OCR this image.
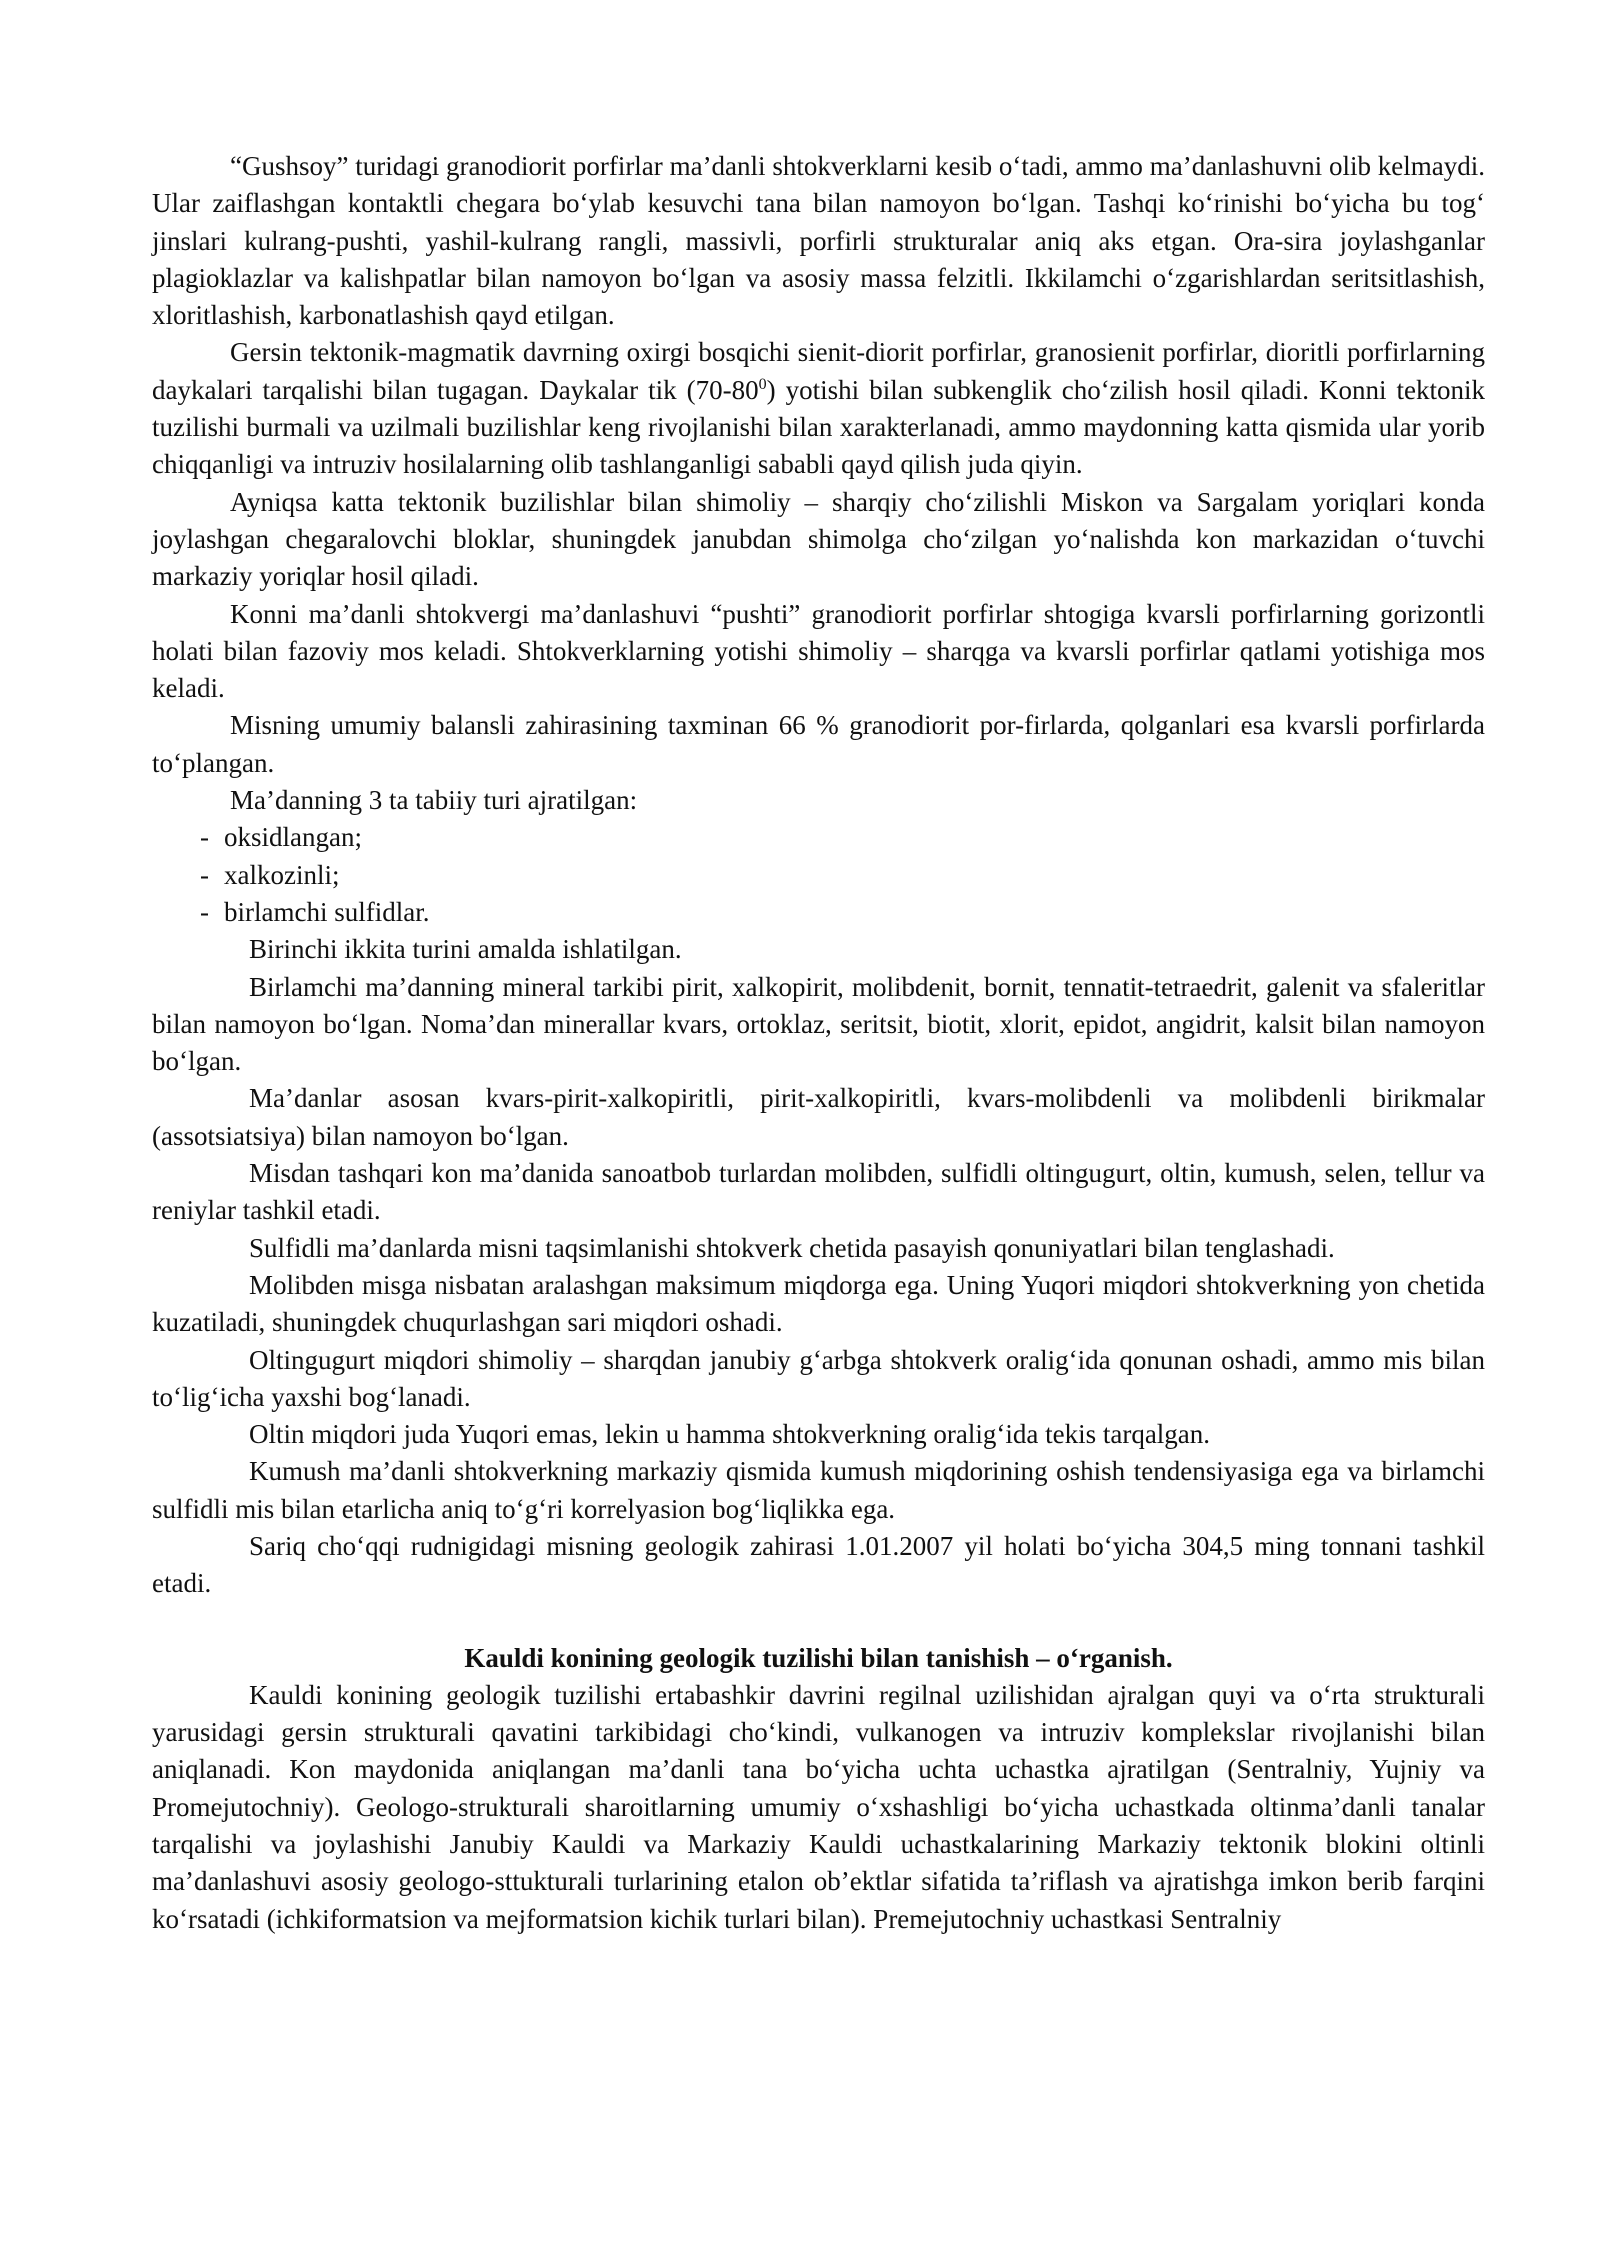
“Gushsoy” turidagi granodiorit porfirlar ma’danli shtokverklarni kesib o‘tadi, ammo ma’danlashuvni olib kelmaydi. Ular zaiflashgan kontaktli chegara bo‘ylab kesuvchi tana bilan namoyon bo‘lgan. Tashqi ko‘rinishi bo‘yicha bu tog‘ jinslari kulrang-pushti, yashil-kulrang rangli, massivli, porfirli strukturalar aniq aks etgan. Ora-sira joylashganlar plagioklazlar va kalishpatlar bilan namoyon bo‘lgan va asosiy massa felzitli. Ikkilamchi o‘zgarishlardan seritsitlashish, xloritlashish, karbonatlashish qayd etilgan.

Gersin tektonik-magmatik davrning oxirgi bosqichi sienit-diorit porfirlar, granosienit porfirlar, dioritli porfirlarning daykalari tarqalishi bilan tugagan. Daykalar tik $(70-80^0)$ yotishi bilan subkenglik cho‘zilish hosil qiladi. Konni tektonik tuzilishi burmali va uzilmali buzilishlar keng rivojlanishi bilan xarakterlanadi, ammo maydonning katta qismida ular yorib chiqqanligi va intruziv hosilalarning olib tashlanganligi sababli qayd qilish juda qiyin.

Ayniqsa katta tektonik buzilishlar bilan shimoliy – sharqiy cho‘zilishli Miskon va Sargalam yoriqlari konda joylashgan chegaralovchi bloklar, shuningdek janubdan shimolga cho‘zilgan yo‘nalishda kon markazidan o‘tuvchi markaziy yoriqlar hosil qiladi.

Konni ma’danli shtokvergi ma’danlashuvi “pushti” granodiorit porfirlar shtogiga kvarsli porfirlarning gorizontli holati bilan fazoviy mos keladi. Shtokverklarning yotishi shimoliy – sharqga va kvarsli porfirlar qatlami yotishiga mos keladi.

Misning umumiy balansli zahirasining taxminan 66 % granodiorit por-firlarda, qolganlari esa kvarsli porfirlarda to‘plangan.

Ma’danning 3 ta tabiiy turi ajratilgan:

- oksidlangan;
- xalkozinli;
- birlamchi sulfidlar.

Birinchi ikkita turini amalda ishlatilgan.

Birlamchi ma’danning mineral tarkibi pirit, xalkopirit, molibdenit, bornit, tennatit-tetraedrit, galenit va sfaleritlar bilan namoyon bo‘lgan. Noma’dan minerallar kvars, ortoklaz, seritsit, biotit, xlorit, epidot, angidrit, kalsit bilan namoyon bo‘lgan.

Ma’danlar asosan kvars-pirit-xalkopiritli, pirit-xalkopiritli, kvars-molibdenli va molibdenli birikmalar (assotsiatsiya) bilan namoyon bo‘lgan.

Misdan tashqari kon ma’danida sanoatbob turlardan molibden, sulfidli oltingugurt, oltin, kumush, selen, tellur va reniylar tashkil etadi.

Sulfidli ma’danlarda misni taqsimlanishi shtokverk chetida pasayish qonuniyatlari bilan tenglashadi.

Molibden misga nisbatan aralashgan maksimum miqdorga ega. Uning Yuqori miqdori shtokverkning yon chetida kuzatiladi, shuningdek chuqurlashgan sari miqdori oshadi.

Oltingugurt miqdori shimoliy – sharqdan janubiy g‘arbga shtokverk oralig‘ida qonunan oshadi, ammo mis bilan to‘lig‘icha yaxshi bog‘lanadi.

Oltin miqdori juda Yuqori emas, lekin u hamma shtokverkning oralig‘ida tekis tarqalgan.

Kumush ma’danli shtokverkning markaziy qismida kumush miqdorining oshish tendensiyasiga ega va birlamchi sulfidli mis bilan etarlicha aniq to‘g‘ri korrelyasion bog‘liqlikka ega.

Sariq cho‘qqi rudnigidagi misning geologik zahirasi 1.01.2007 yil holati bo‘yicha 304,5 ming tonnani tashkil etadi.

Kauldi konining geologik tuzilishi bilan tanishish – o‘rganish.

Kauldi konining geologik tuzilishi ertabashkir davrini regilnal uzilishidan ajralgan quyi va o‘rta strukturali yarusidagi gersin strukturali qavatini tarkibidagi cho‘kindi, vulkanogen va intruziv komplekslar rivojlanishi bilan aniqlanadi. Kon maydonida aniqlangan ma’danli tana bo‘yicha uchta uchastka ajratilgan (Sentralniy, Yujniy va Promejutochniy). Geologo-strukturali sharoitlarning umumiy o‘xshashligi bo‘yicha uchastkada oltinma’danli tanalar tarqalishi va joylashishi Janubiy Kauldi va Markaziy Kauldi uchastkalarining Markaziy tektonik blokini oltinli ma’danlashuvi asosiy geologo-sttukturali turlarining etalon ob’ektlar sifatida ta’riflash va ajratishga imkon berib farqini ko‘rsatadi (ichkiformatsion va mejformatsion kichik turlari bilan). Premejutochniy uchastkasi Sentralniy
